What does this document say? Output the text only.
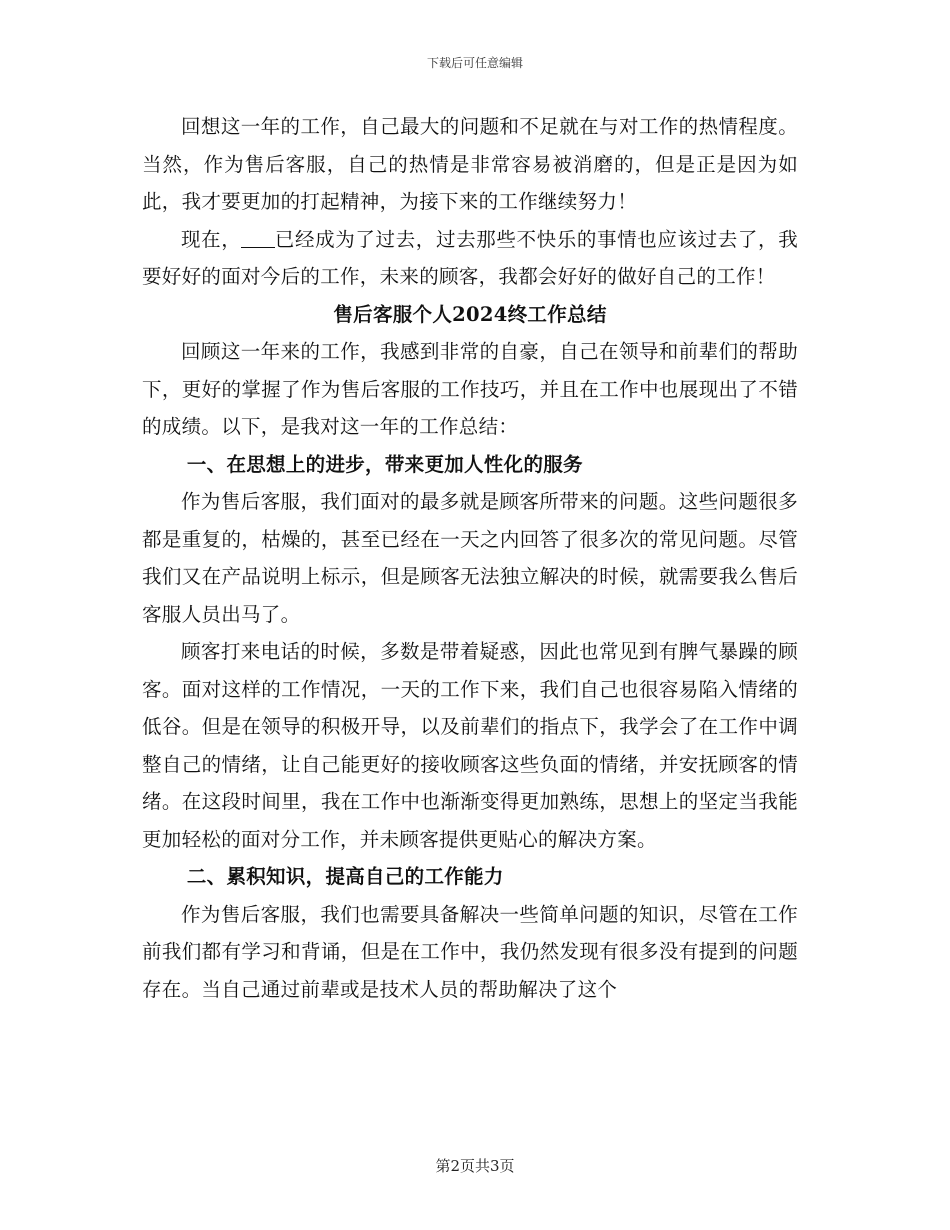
下载后可任意编辑

回想这一年的工作，自己最大的问题和不足就在与对工作的热情程度。当然，作为售后客服，自己的热情是非常容易被消磨的，但是正是因为如此，我才要更加的打起精神，为接下来的工作继续努力！

现在， 已经成为了过去，过去那些不快乐的事情也应该过去了，我要好好的面对今后的工作，未来的顾客，我都会好好的做好自己的工作！

售后客服个人2024终工作总结

回顾这一年来的工作，我感到非常的自豪，自己在领导和前辈们的帮助下，更好的掌握了作为售后客服的工作技巧，并且在工作中也展现出了不错的成绩。以下，是我对这一年的工作总结：

一、在思想上的进步，带来更加人性化的服务

作为售后客服，我们面对的最多就是顾客所带来的问题。这些问题很多都是重复的，枯燥的，甚至已经在一天之内回答了很多次的常见问题。尽管我们又在产品说明上标示，但是顾客无法独立解决的时候，就需要我么售后客服人员出马了。

顾客打来电话的时候，多数是带着疑惑，因此也常见到有脾气暴躁的顾客。面对这样的工作情况，一天的工作下来，我们自己也很容易陷入情绪的低谷。但是在领导的积极开导，以及前辈们的指点下，我学会了在工作中调整自己的情绪，让自己能更好的接收顾客这些负面的情绪，并安抚顾客的情绪。在这段时间里，我在工作中也渐渐变得更加熟练，思想上的坚定当我能更加轻松的面对分工作，并未顾客提供更贴心的解决方案。

二、累积知识，提高自己的工作能力

作为售后客服，我们也需要具备解决一些简单问题的知识，尽管在工作前我们都有学习和背诵，但是在工作中，我仍然发现有很多没有提到的问题存在。当自己通过前辈或是技术人员的帮助解决了这个

第2页共3页
